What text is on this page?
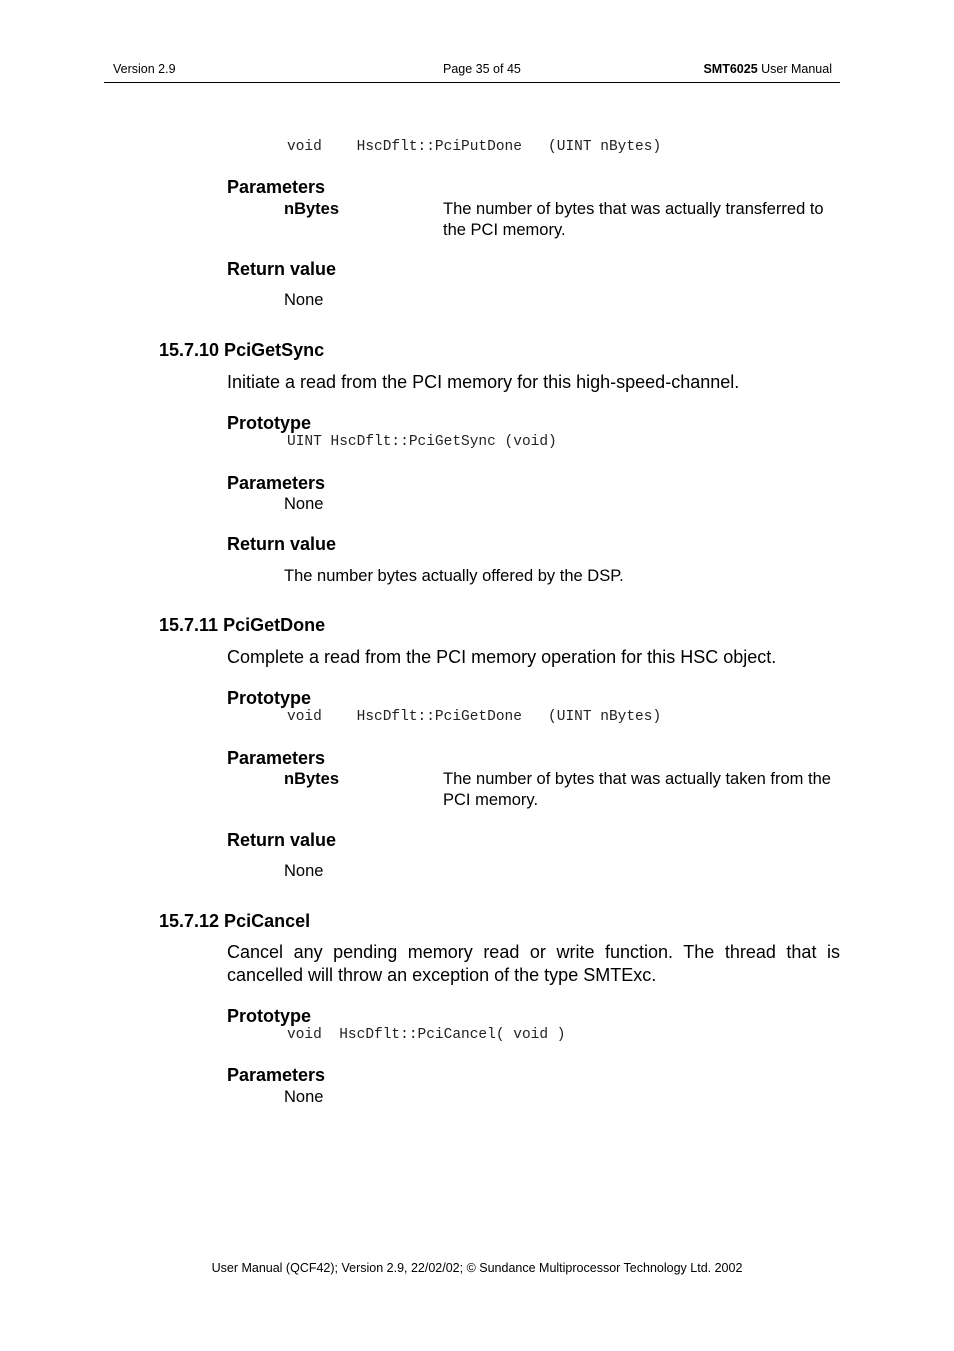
Version 2.9	Page 35 of 45	SMT6025 User Manual
void    HscDflt::PciPutDone   (UINT nBytes)
Parameters
nBytes	The number of bytes that was actually transferred to the PCI memory.
Return value
None
15.7.10 PciGetSync
Initiate a read from the PCI memory for this high-speed-channel.
Prototype
UINT HscDflt::PciGetSync (void)
Parameters
None
Return value
The number bytes actually offered by the DSP.
15.7.11 PciGetDone
Complete a read from the PCI memory operation for this HSC object.
Prototype
void    HscDflt::PciGetDone   (UINT nBytes)
Parameters
nBytes	The number of bytes that was actually taken from the PCI memory.
Return value
None
15.7.12 PciCancel
Cancel any pending memory read or write function. The thread that is cancelled will throw an exception of the type SMTExc.
Prototype
void  HscDflt::PciCancel( void )
Parameters
None
User Manual (QCF42); Version 2.9, 22/02/02; © Sundance Multiprocessor Technology Ltd. 2002
